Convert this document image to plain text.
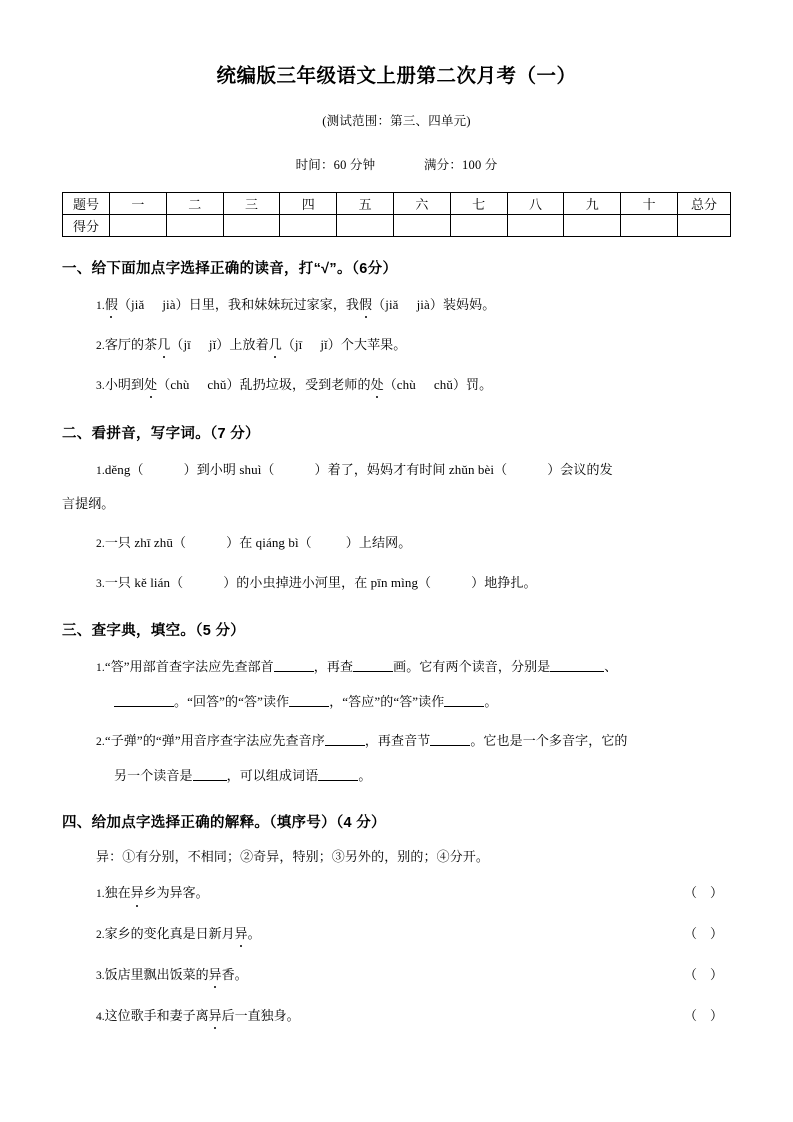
统编版三年级语文上册第二次月考（一）
(测试范围：第三、四单元)
时间：60 分钟	满分：100 分
题号	一	二	三	四	五	六	七	八	九	十	总分
得分											
一、给下面加点字选择正确的读音，打“√”。（6分）
1.假（jiǎ jià）日里，我和妹妹玩过家家，我假（jiǎ jià）装妈妈。
2.客厅的茶几（jī jǐ）上放着几（jī jǐ）个大苹果。
3.小明到处（chù chǔ）乱扔垃圾，受到老师的处（chù chǔ）罚。
二、看拼音，写字词。（7 分）
1.děng（	）到小明 shuì（	）着了，妈妈才有时间 zhǔn bèi（	）会议的发
言提纲。
2.一只 zhī zhū（	）在 qiáng bì（	）上结网。
3.一只 kě lián（	）的小虫掉进小河里，在 pīn mìng（	）地挣扎。
三、查字典，填空。（5 分）
1.“答”用部首查字法应先查部首	，再查	画。它有两个读音，分别是	、
。“回答”的“答”读作	，“答应”的“答”读作	。
2.“子弹”的“弹”用音序查字法应先查音序	，再查音节	。它也是一个多音字，它的
另一个读音是	，可以组成词语	。
四、给加点字选择正确的解释。（填序号）（4 分）
异：①有分别，不相同；②奇异，特别；③另外的，别的；④分开。
1.独在异乡为异客。	（    ）
2.家乡的变化真是日新月异。	（    ）
3.饭店里飘出饭菜的异香。	（    ）
4.这位歌手和妻子离异后一直独身。	（    ）
